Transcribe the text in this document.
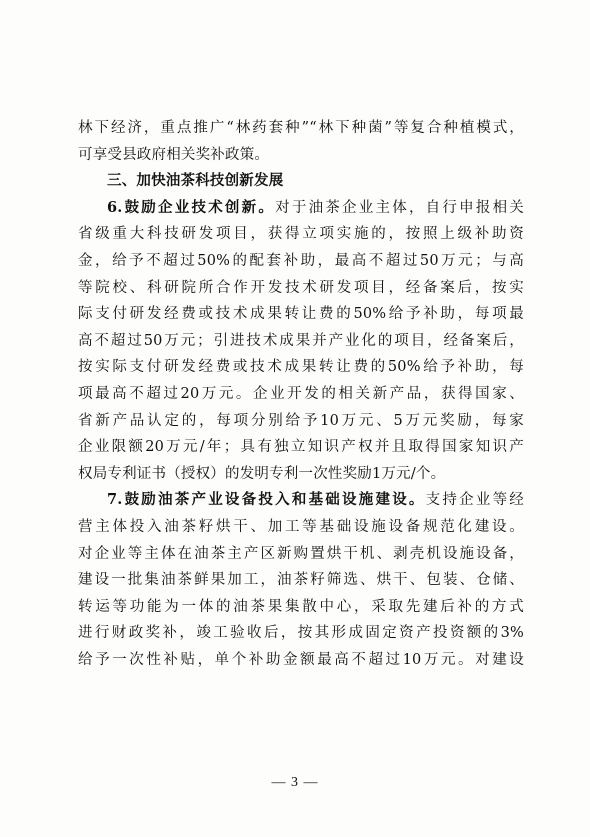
林下经济，重点推广“林药套种”“林下种菌”等复合种植模式，
可享受县政府相关奖补政策。
三、加快油茶科技创新发展
6.鼓励企业技术创新。对于油茶企业主体，自行申报相关
省级重大科技研发项目，获得立项实施的，按照上级补助资
金，给予不超过50%的配套补助，最高不超过50万元；与高
等院校、科研院所合作开发技术研发项目，经备案后，按实
际支付研发经费或技术成果转让费的50%给予补助，每项最
高不超过50万元；引进技术成果并产业化的项目，经备案后，
按实际支付研发经费或技术成果转让费的50%给予补助，每
项最高不超过20万元。企业开发的相关新产品，获得国家、
省新产品认定的，每项分别给予10万元、5万元奖励，每家
企业限额20万元/年；具有独立知识产权并且取得国家知识产
权局专利证书（授权）的发明专利一次性奖励1万元/个。
7.鼓励油茶产业设备投入和基础设施建设。支持企业等经
营主体投入油茶籽烘干、加工等基础设施设备规范化建设。
对企业等主体在油茶主产区新购置烘干机、剥壳机设施设备，
建设一批集油茶鲜果加工，油茶籽筛选、烘干、包装、仓储、
转运等功能为一体的油茶果集散中心，采取先建后补的方式
进行财政奖补，竣工验收后，按其形成固定资产投资额的3%
给予一次性补贴，单个补助金额最高不超过10万元。对建设
— 3 —
